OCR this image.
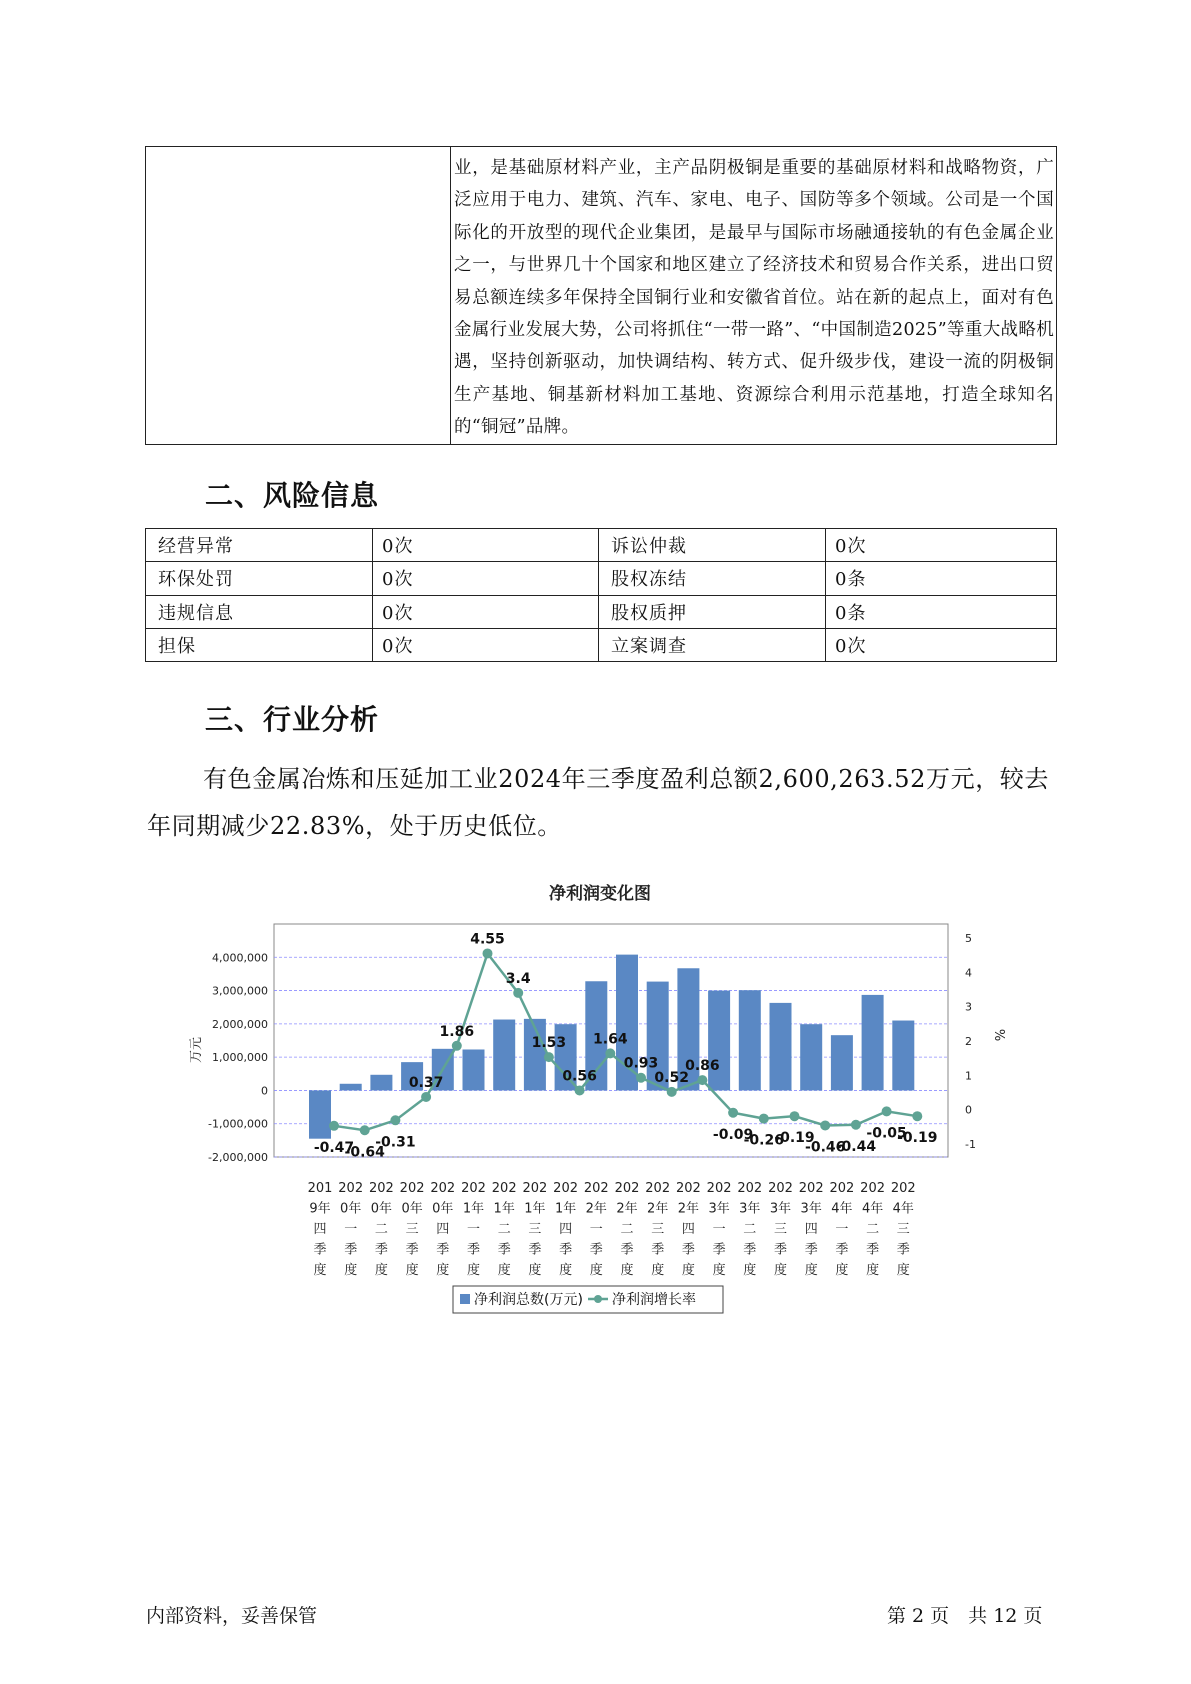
业，是基础原材料产业，主产品阴极铜是重要的基础原材料和战略物资，广泛应用于电力、建筑、汽车、家电、电子、国防等多个领域。公司是一个国际化的开放型的现代企业集团，是最早与国际市场融通接轨的有色金属企业之一，与世界几十个国家和地区建立了经济技术和贸易合作关系，进出口贸易总额连续多年保持全国铜行业和安徽省首位。站在新的起点上，面对有色金属行业发展大势，公司将抓住“一带一路”、“中国制造2025”等重大战略机遇，坚持创新驱动，加快调结构、转方式、促升级步伐，建设一流的阴极铜生产基地、铜基新材料加工基地、资源综合利用示范基地，打造全球知名的“铜冠”品牌。

二、风险信息
经营异常	0次	诉讼仲裁	0次
环保处罚	0次	股权冻结	0条
违规信息	0次	股权质押	0条
担保	0次	立案调查	0次
三、行业分析

有色金属冶炼和压延加工业2024年三季度盈利总额2,600,263.52万元，较去年同期减少22.83%，处于历史低位。

净利润变化图
4,000,000
3,000,000
2,000,000
1,000,000
0
-1,000,000
-2,000,000
5
4
3
2
1
0
-1
万元
%
-0.47
-0.64
-0.31
0.37
1.86
4.55
3.4
1.53
0.56
1.64
0.93
0.52
0.86
-0.09
-0.26
-0.19
-0.46
-0.44
-0.05
-0.19
201
9年
四
季
度
202
0年
一
季
度
202
0年
二
季
度
202
0年
三
季
度
202
0年
四
季
度
202
1年
一
季
度
202
1年
二
季
度
202
1年
三
季
度
202
1年
四
季
度
202
2年
一
季
度
202
2年
二
季
度
202
2年
三
季
度
202
2年
四
季
度
202
3年
一
季
度
202
3年
二
季
度
202
3年
三
季
度
202
3年
四
季
度
202
4年
一
季
度
202
4年
二
季
度
202
4年
三
季
度
净利润总数(万元) 净利润增长率
内部资料，妥善保管	第 2 页　共 12 页
